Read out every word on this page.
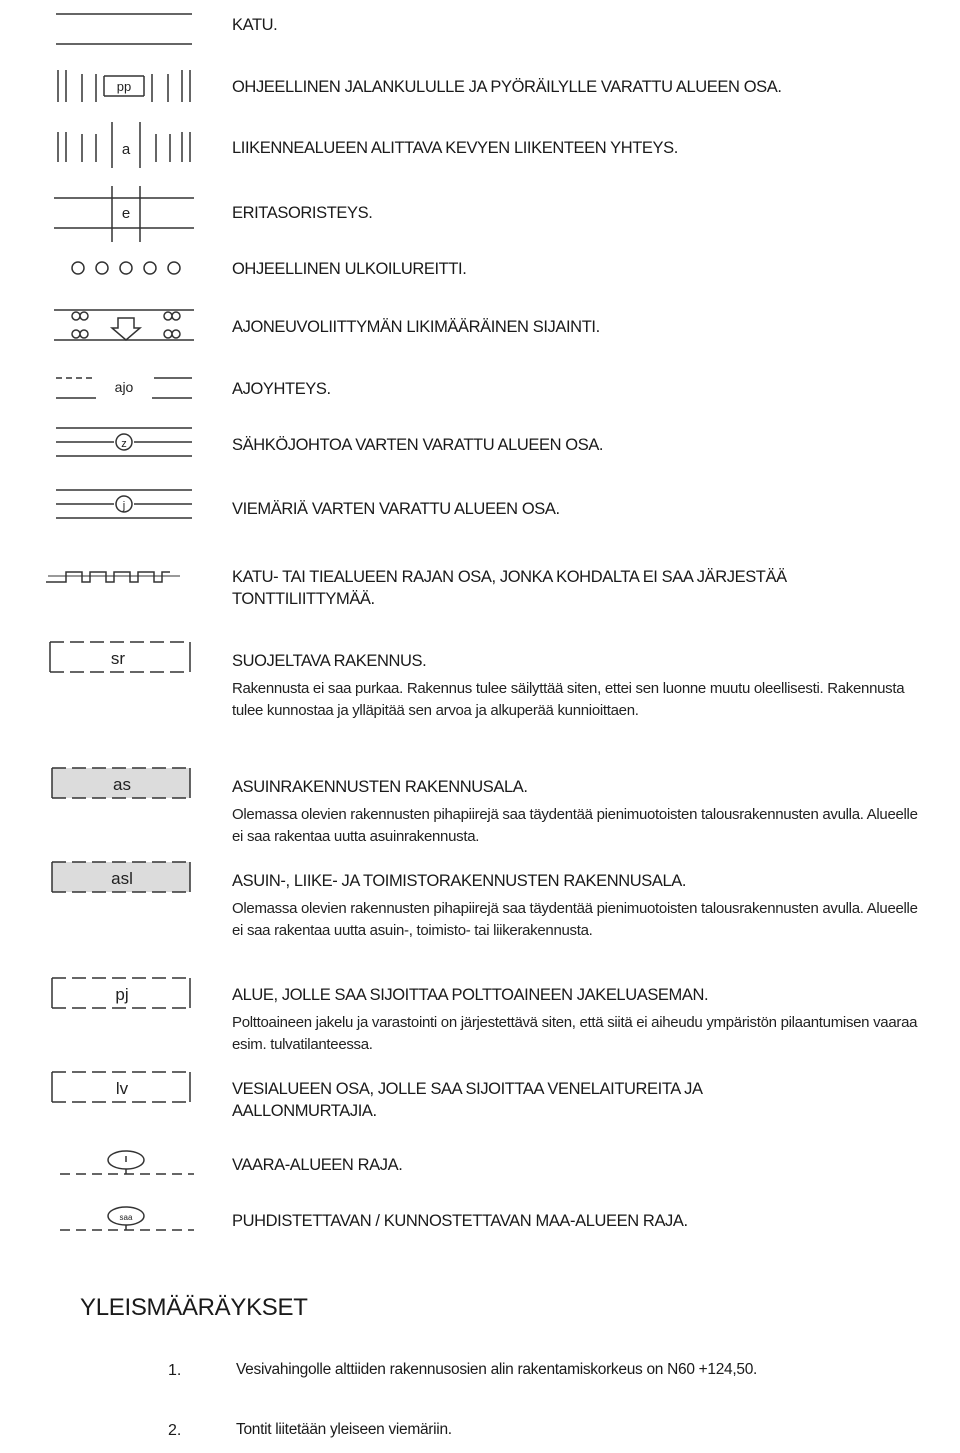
KATU.
pp	OHJEELLINEN JALANKULULLE JA PYÖRÄILYLLE VARATTU ALUEEN OSA.
a	LIIKENNEALUEEN ALITTAVA KEVYEN LIIKENTEEN YHTEYS.
e	ERITASORISTEYS.
OHJEELLINEN ULKOILUREITTI.
AJONEUVOLIITTYMÄN LIKIMÄÄRÄINEN SIJAINTI.
ajo	AJOYHTEYS.
z	SÄHKÖJOHTOA VARTEN VARATTU ALUEEN OSA.
j	VIEMÄRIÄ VARTEN VARATTU ALUEEN OSA.
KATU- TAI TIEALUEEN RAJAN OSA, JONKA KOHDALTA EI SAA JÄRJESTÄÄ TONTTILIITTYMÄÄ.
sr	SUOJELTAVA RAKENNUS.
Rakennusta ei saa purkaa. Rakennus tulee säilyttää siten, ettei sen luonne muutu oleellisesti. Rakennusta tulee kunnostaa ja ylläpitää sen arvoa ja alkuperää kunnioittaen.
as	ASUINRAKENNUSTEN RAKENNUSALA.
Olemassa olevien rakennusten pihapiirejä saa täydentää pienimuotoisten talousrakennusten avulla. Alueelle ei saa rakentaa uutta asuinrakennusta.
asl	ASUIN-, LIIKE- JA TOIMISTORAKENNUSTEN RAKENNUSALA.
Olemassa olevien rakennusten pihapiirejä saa täydentää pienimuotoisten talousrakennusten avulla. Alueelle ei saa rakentaa uutta asuin-, toimisto- tai liikerakennusta.
pj	ALUE, JOLLE SAA SIJOITTAA POLTTOAINEEN JAKELUASEMAN.
Polttoaineen jakelu ja varastointi on järjestettävä siten, että siitä ei aiheudu ympäristön pilaantumisen vaaraa esim. tulvatilanteessa.
lv	VESIALUEEN OSA, JOLLE SAA SIJOITTAA VENELAITUREITA JA AALLONMURTAJIA.
VAARA-ALUEEN RAJA.
saa	PUHDISTETTAVAN / KUNNOSTETTAVAN MAA-ALUEEN RAJA.
YLEISMÄÄRÄYKSET
1.	Vesivahingolle alttiiden rakennusosien alin rakentamiskorkeus on N60 +124,50.
2.	Tontit liitetään yleiseen viemäriin.
